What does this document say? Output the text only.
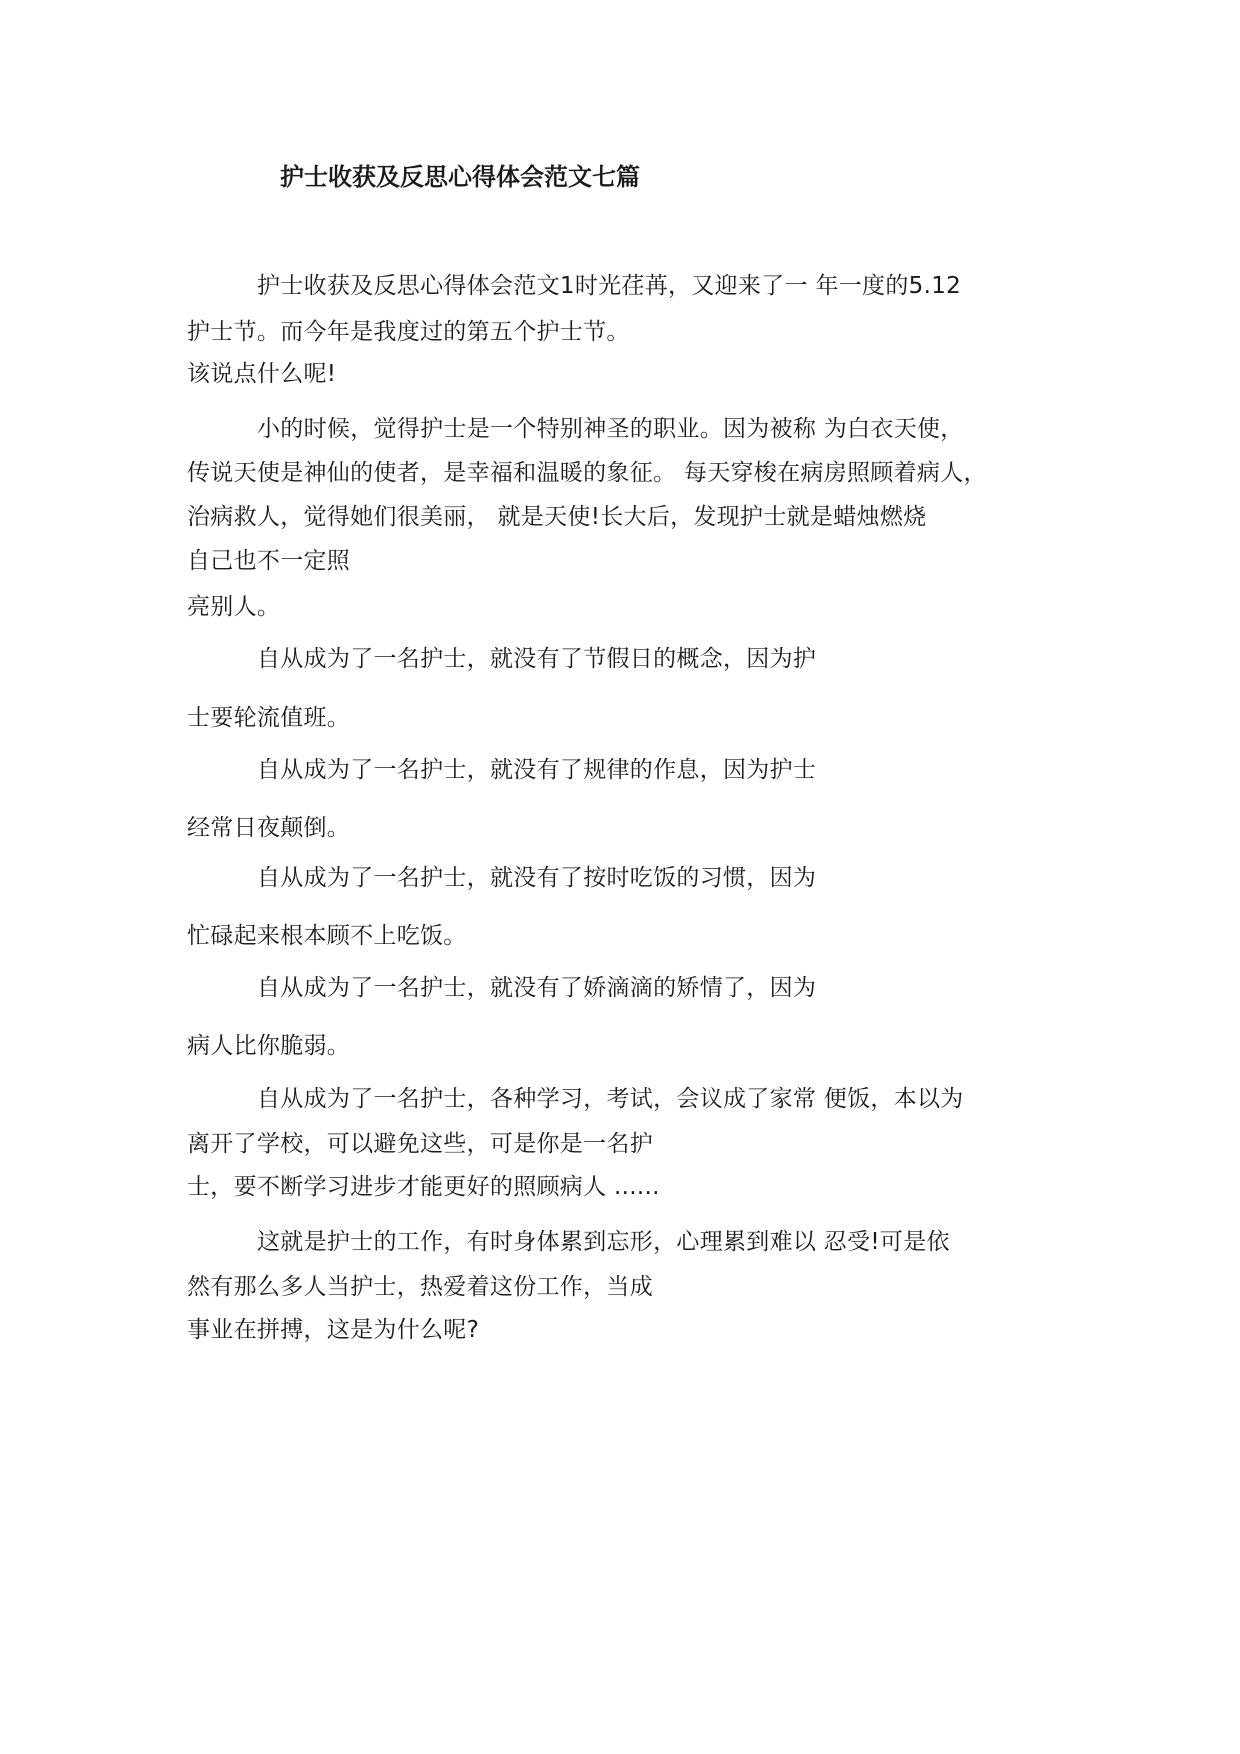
护士收获及反思心得体会范文七篇
护士收获及反思心得体会范文1时光荏苒，又迎来了一 年一度的5.12
护士节。而今年是我度过的第五个护士节。
该说点什么呢!
小的时候，觉得护士是一个特别神圣的职业。因为被称 为白衣天使，
传说天使是神仙的使者，是幸福和温暖的象征。 每天穿梭在病房照顾着病人，
治病救人，觉得她们很美丽， 就是天使!长大后，发现护士就是蜡烛燃烧
自己也不一定照
亮别人。
自从成为了一名护士，就没有了节假日的概念，因为护
士要轮流值班。
自从成为了一名护士，就没有了规律的作息，因为护士
经常日夜颠倒。
自从成为了一名护士，就没有了按时吃饭的习惯，因为
忙碌起来根本顾不上吃饭。
自从成为了一名护士，就没有了娇滴滴的矫情了，因为
病人比你脆弱。
自从成为了一名护士，各种学习，考试，会议成了家常 便饭，本以为
离开了学校，可以避免这些，可是你是一名护
士，要不断学习进步才能更好的照顾病人 ......
这就是护士的工作，有时身体累到忘形，心理累到难以 忍受!可是依
然有那么多人当护士，热爱着这份工作，当成
事业在拼搏，这是为什么呢?
